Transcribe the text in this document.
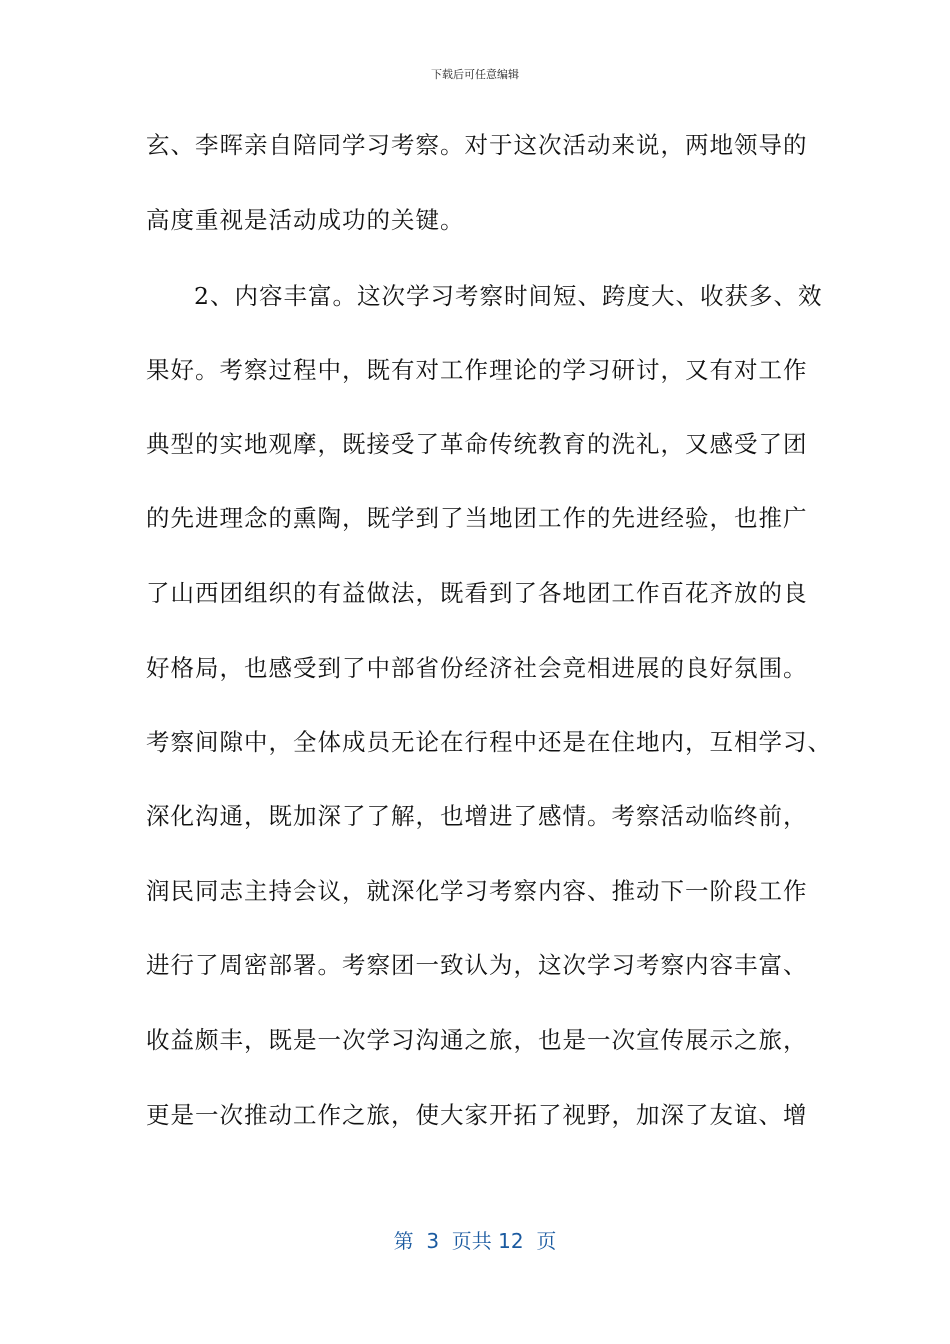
下载后可任意编辑
玄、李晖亲自陪同学习考察。对于这次活动来说，两地领导的
高度重视是活动成功的关键。
2、内容丰富。这次学习考察时间短、跨度大、收获多、效
果好。考察过程中，既有对工作理论的学习研讨，又有对工作
典型的实地观摩，既接受了革命传统教育的洗礼，又感受了团
的先进理念的熏陶，既学到了当地团工作的先进经验，也推广
了山西团组织的有益做法，既看到了各地团工作百花齐放的良
好格局，也感受到了中部省份经济社会竞相进展的良好氛围。
考察间隙中，全体成员无论在行程中还是在住地内，互相学习、
深化沟通，既加深了了解，也增进了感情。考察活动临终前，
润民同志主持会议，就深化学习考察内容、推动下一阶段工作
进行了周密部署。考察团一致认为，这次学习考察内容丰富、
收益颇丰，既是一次学习沟通之旅，也是一次宣传展示之旅，
更是一次推动工作之旅，使大家开拓了视野，加深了友谊、增
第  3  页共 12  页
